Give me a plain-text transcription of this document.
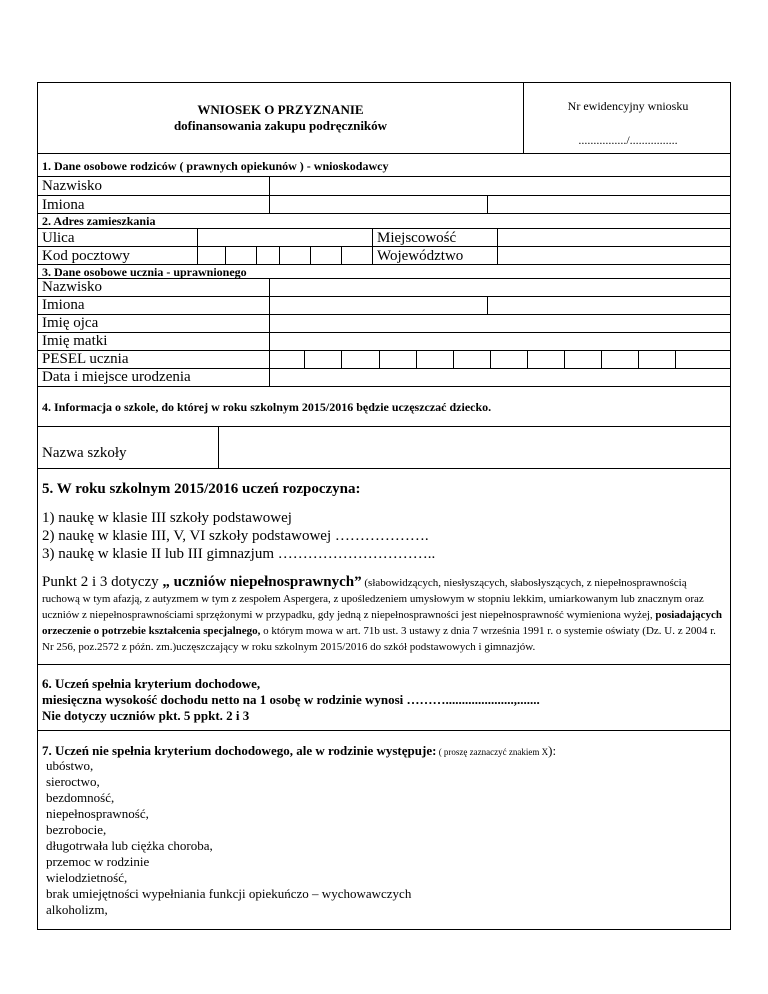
WNIOSEK O PRZYZNANIE
dofinansowania zakupu podręczników
Nr ewidencyjny wniosku
................/................
1. Dane osobowe rodziców ( prawnych opiekunów ) - wnioskodawcy
Nazwisko
Imiona
2. Adres zamieszkania
Ulica	Miejscowość
Kod pocztowy	Województwo
3. Dane osobowe ucznia - uprawnionego
Nazwisko
Imiona
Imię ojca
Imię matki
PESEL ucznia
Data i miejsce urodzenia
4. Informacja o szkole, do której w roku szkolnym 2015/2016 będzie uczęszczać dziecko.
Nazwa szkoły
5. W roku szkolnym 2015/2016 uczeń rozpoczyna:
1) naukę w klasie III szkoły podstawowej
2) naukę w klasie III, V, VI szkoły podstawowej ……………….
3) naukę w klasie II lub III gimnazjum …………………………..
Punkt 2 i 3 dotyczy „ uczniów niepełnosprawnych” (słabowidzących, niesłyszących, słabosłyszących, z niepełnosprawnością ruchową w tym afazją, z autyzmem w tym z zespołem Aspergera, z upośledzeniem umysłowym w stopniu lekkim, umiarkowanym lub znacznym oraz uczniów z niepełnosprawnościami sprzężonymi w przypadku, gdy jedną z niepełnosprawności jest niepełnosprawność wymieniona wyżej, posiadających orzeczenie o potrzebie kształcenia specjalnego, o którym mowa w art. 71b ust. 3 ustawy z dnia 7 września 1991 r. o systemie oświaty (Dz. U. z 2004 r. Nr 256, poz.2572 z późn. zm.)uczęszczający w roku szkolnym 2015/2016 do szkół podstawowych i gimnazjów.
6. Uczeń spełnia kryterium dochodowe,
miesięczna wysokość dochodu netto na 1 osobę w rodzinie wynosi ……….....................,.......
Nie dotyczy uczniów pkt. 5 ppkt. 2 i 3
7. Uczeń nie spełnia kryterium dochodowego, ale w rodzinie występuje: ( proszę zaznaczyć znakiem X):
ubóstwo,
sieroctwo,
bezdomność,
niepełnosprawność,
bezrobocie,
długotrwała lub ciężka choroba,
przemoc w rodzinie
wielodzietność,
brak umiejętności wypełniania funkcji opiekuńczo – wychowawczych
alkoholizm,
